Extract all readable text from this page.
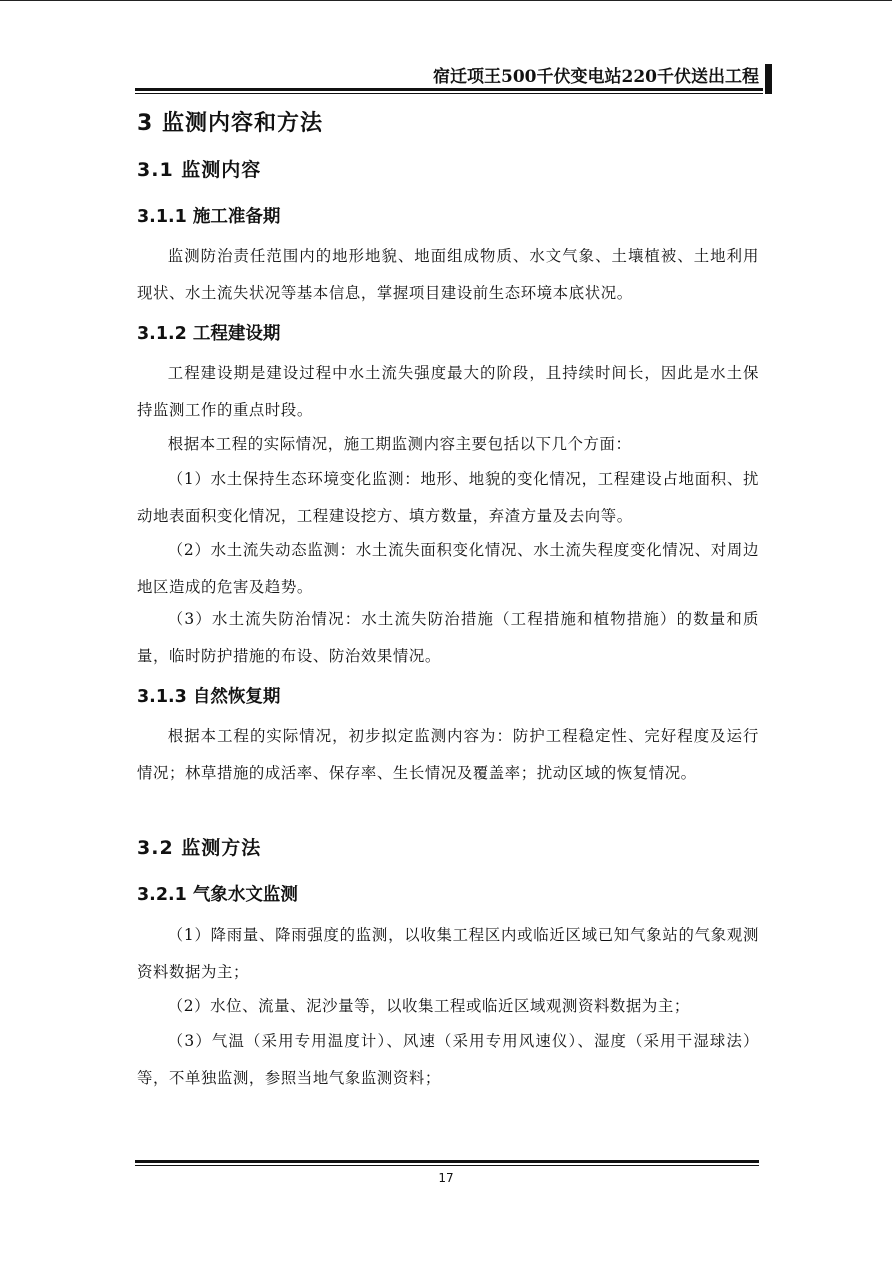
宿迁项王500千伏变电站220千伏送出工程
3 监测内容和方法
3.1 监测内容
3.1.1 施工准备期
监测防治责任范围内的地形地貌、地面组成物质、水文气象、土壤植被、土地利用现状、水土流失状况等基本信息，掌握项目建设前生态环境本底状况。
3.1.2 工程建设期
工程建设期是建设过程中水土流失强度最大的阶段，且持续时间长，因此是水土保持监测工作的重点时段。
根据本工程的实际情况，施工期监测内容主要包括以下几个方面：
（1）水土保持生态环境变化监测：地形、地貌的变化情况，工程建设占地面积、扰动地表面积变化情况，工程建设挖方、填方数量，弃渣方量及去向等。
（2）水土流失动态监测：水土流失面积变化情况、水土流失程度变化情况、对周边地区造成的危害及趋势。
（3）水土流失防治情况：水土流失防治措施（工程措施和植物措施）的数量和质量，临时防护措施的布设、防治效果情况。
3.1.3 自然恢复期
根据本工程的实际情况，初步拟定监测内容为：防护工程稳定性、完好程度及运行情况；林草措施的成活率、保存率、生长情况及覆盖率；扰动区域的恢复情况。
3.2 监测方法
3.2.1 气象水文监测
（1）降雨量、降雨强度的监测，以收集工程区内或临近区域已知气象站的气象观测资料数据为主；
（2）水位、流量、泥沙量等，以收集工程或临近区域观测资料数据为主；
（3）气温（采用专用温度计）、风速（采用专用风速仪）、湿度（采用干湿球法）等，不单独监测，参照当地气象监测资料；
17
